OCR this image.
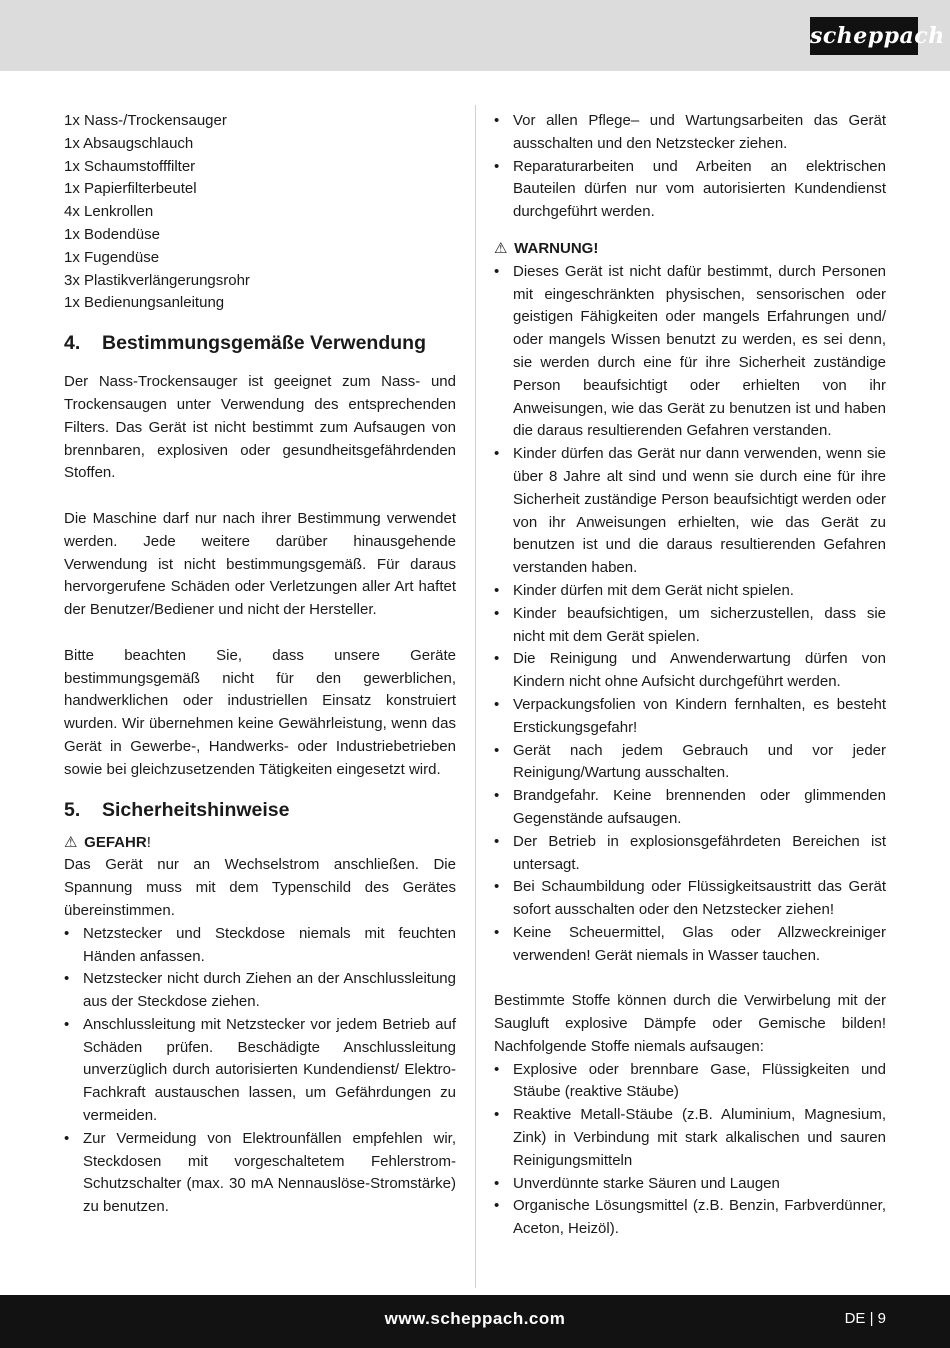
scheppach
1x Nass-/Trockensauger
1x Absaugschlauch
1x Schaumstofffilter
1x Papierfilterbeutel
4x Lenkrollen
1x Bodendüse
1x Fugendüse
3x Plastikverlängerungsrohr
1x Bedienungsanleitung
4. Bestimmungsgemäße Verwendung

Der Nass-Trockensauger ist geeignet zum Nass- und Trockensaugen unter Verwendung des entsprechenden Filters. Das Gerät ist nicht bestimmt zum Aufsaugen von brennbaren, explosiven oder gesundheitsgefährdenden Stoffen.

Die Maschine darf nur nach ihrer Bestimmung verwendet werden. Jede weitere darüber hinausgehende Verwendung ist nicht bestimmungsgemäß. Für daraus hervorgerufene Schäden oder Verletzungen aller Art haftet der Benutzer/Bediener und nicht der Hersteller.

Bitte beachten Sie, dass unsere Geräte bestimmungsgemäß nicht für den gewerblichen, handwerklichen oder industriellen Einsatz konstruiert wurden. Wir übernehmen keine Gewährleistung, wenn das Gerät in Gewerbe-, Handwerks- oder Industriebetrieben sowie bei gleichzusetzenden Tätigkeiten eingesetzt wird.

5. Sicherheitshinweise
⚠ GEFAHR!

Das Gerät nur an Wechselstrom anschließen. Die Spannung muss mit dem Typenschild des Gerätes übereinstimmen.

• Netzstecker und Steckdose niemals mit feuchten Händen anfassen.
• Netzstecker nicht durch Ziehen an der Anschlussleitung aus der Steckdose ziehen.
• Anschlussleitung mit Netzstecker vor jedem Betrieb auf Schäden prüfen. Beschädigte Anschlussleitung unverzüglich durch autorisierten Kundendienst/ Elektro-Fachkraft austauschen lassen, um Gefährdungen zu vermeiden.
• Zur Vermeidung von Elektrounfällen empfehlen wir, Steckdosen mit vorgeschaltetem Fehlerstrom-Schutzschalter (max. 30 mA Nennauslöse-Stromstärke) zu benutzen.
• Vor allen Pflege– und Wartungsarbeiten das Gerät ausschalten und den Netzstecker ziehen.
• Reparaturarbeiten und Arbeiten an elektrischen Bauteilen dürfen nur vom autorisierten Kundendienst durchgeführt werden.
⚠ WARNUNG!
• Dieses Gerät ist nicht dafür bestimmt, durch Personen mit eingeschränkten physischen, sensorischen oder geistigen Fähigkeiten oder mangels Erfahrungen und/ oder mangels Wissen benutzt zu werden, es sei denn, sie werden durch eine für ihre Sicherheit zuständige Person beaufsichtigt oder erhielten von ihr Anweisungen, wie das Gerät zu benutzen ist und haben die daraus resultierenden Gefahren verstanden.
• Kinder dürfen das Gerät nur dann verwenden, wenn sie über 8 Jahre alt sind und wenn sie durch eine für ihre Sicherheit zuständige Person beaufsichtigt werden oder von ihr Anweisungen erhielten, wie das Gerät zu benutzen ist und die daraus resultierenden Gefahren verstanden haben.
• Kinder dürfen mit dem Gerät nicht spielen.
• Kinder beaufsichtigen, um sicherzustellen, dass sie nicht mit dem Gerät spielen.
• Die Reinigung und Anwenderwartung dürfen von Kindern nicht ohne Aufsicht durchgeführt werden.
• Verpackungsfolien von Kindern fernhalten, es besteht Erstickungsgefahr!
• Gerät nach jedem Gebrauch und vor jeder Reinigung/Wartung ausschalten.
• Brandgefahr. Keine brennenden oder glimmenden Gegenstände aufsaugen.
• Der Betrieb in explosionsgefährdeten Bereichen ist untersagt.
• Bei Schaumbildung oder Flüssigkeitsaustritt das Gerät sofort ausschalten oder den Netzstecker ziehen!
• Keine Scheuermittel, Glas oder Allzweckreiniger verwenden! Gerät niemals in Wasser tauchen.

Bestimmte Stoffe können durch die Verwirbelung mit der Saugluft explosive Dämpfe oder Gemische bilden! Nachfolgende Stoffe niemals aufsaugen:

• Explosive oder brennbare Gase, Flüssigkeiten und Stäube (reaktive Stäube)
• Reaktive Metall-Stäube (z.B. Aluminium, Magnesium, Zink) in Verbindung mit stark alkalischen und sauren Reinigungsmitteln
• Unverdünnte starke Säuren und Laugen
• Organische Lösungsmittel (z.B. Benzin, Farbverdünner, Aceton, Heizöl).
www.scheppach.com	DE | 9
